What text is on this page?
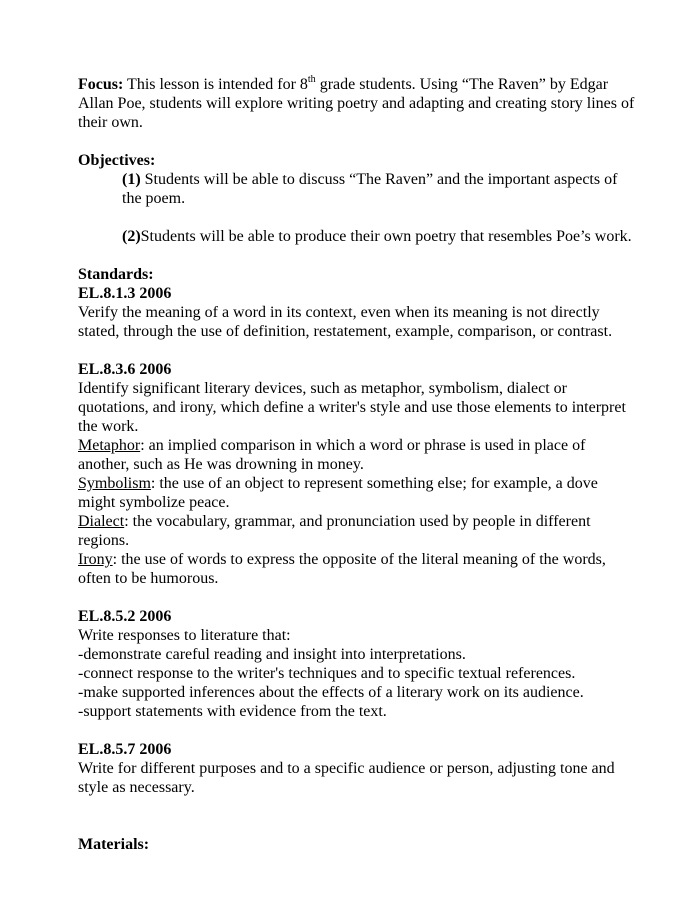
Focus: This lesson is intended for 8th grade students. Using “The Raven” by Edgar Allan Poe, students will explore writing poetry and adapting and creating story lines of their own.

Objectives:

(1) Students will be able to discuss “The Raven” and the important aspects of the poem.

(2)Students will be able to produce their own poetry that resembles Poe’s work.

Standards:

EL.8.1.3 2006

Verify the meaning of a word in its context, even when its meaning is not directly stated, through the use of definition, restatement, example, comparison, or contrast.

EL.8.3.6 2006

Identify significant literary devices, such as metaphor, symbolism, dialect or quotations, and irony, which define a writer's style and use those elements to interpret the work.

Metaphor: an implied comparison in which a word or phrase is used in place of another, such as He was drowning in money.

Symbolism: the use of an object to represent something else; for example, a dove might symbolize peace.

Dialect: the vocabulary, grammar, and pronunciation used by people in different regions.

Irony: the use of words to express the opposite of the literal meaning of the words, often to be humorous.

EL.8.5.2 2006

Write responses to literature that:

-demonstrate careful reading and insight into interpretations.

-connect response to the writer's techniques and to specific textual references.

-make supported inferences about the effects of a literary work on its audience.

-support statements with evidence from the text.

EL.8.5.7 2006

Write for different purposes and to a specific audience or person, adjusting tone and style as necessary.

Materials:
